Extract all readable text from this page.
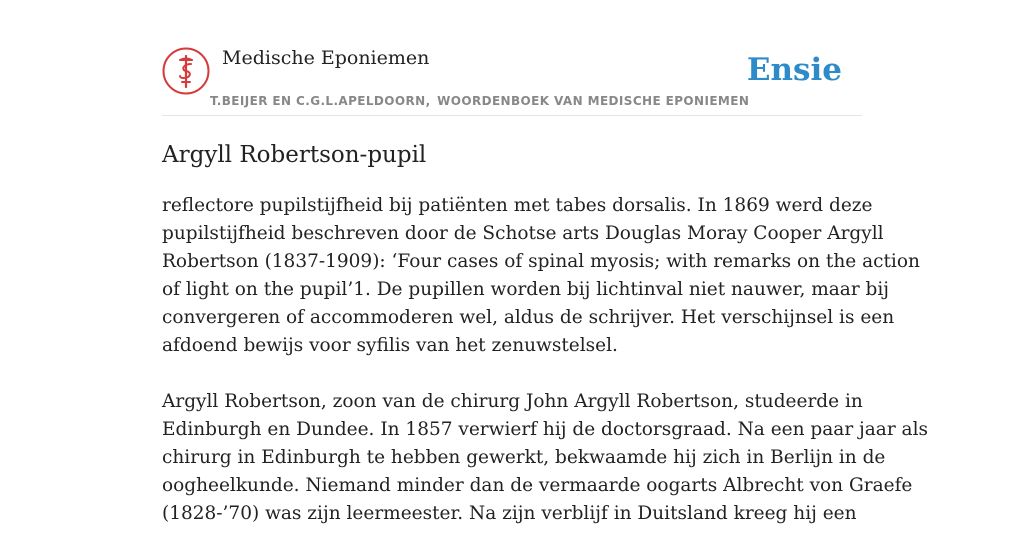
Medische Eponiemen
T.BEIJER EN C.G.L.APELDOORN, WOORDENBOEK VAN MEDISCHE EPONIEMEN
Ensie
Argyll Robertson-pupil

reflectore pupilstijfheid bij patiënten met tabes dorsalis. In 1869 werd deze
pupilstijfheid beschreven door de Schotse arts Douglas Moray Cooper Argyll
Robertson (1837-1909): ‘Four cases of spinal myosis; with remarks on the action
of light on the pupil’1. De pupillen worden bij lichtinval niet nauwer, maar bij
convergeren of accommoderen wel, aldus de schrijver. Het verschijnsel is een
afdoend bewijs voor syfilis van het zenuwstelsel.

Argyll Robertson, zoon van de chirurg John Argyll Robertson, studeerde in
Edinburgh en Dundee. In 1857 verwierf hij de doctorsgraad. Na een paar jaar als
chirurg in Edinburgh te hebben gewerkt, bekwaamde hij zich in Berlijn in de
oogheelkunde. Niemand minder dan de vermaarde oogarts Albrecht von Graefe
(1828-’70) was zijn leermeester. Na zijn verblijf in Duitsland kreeg hij een
